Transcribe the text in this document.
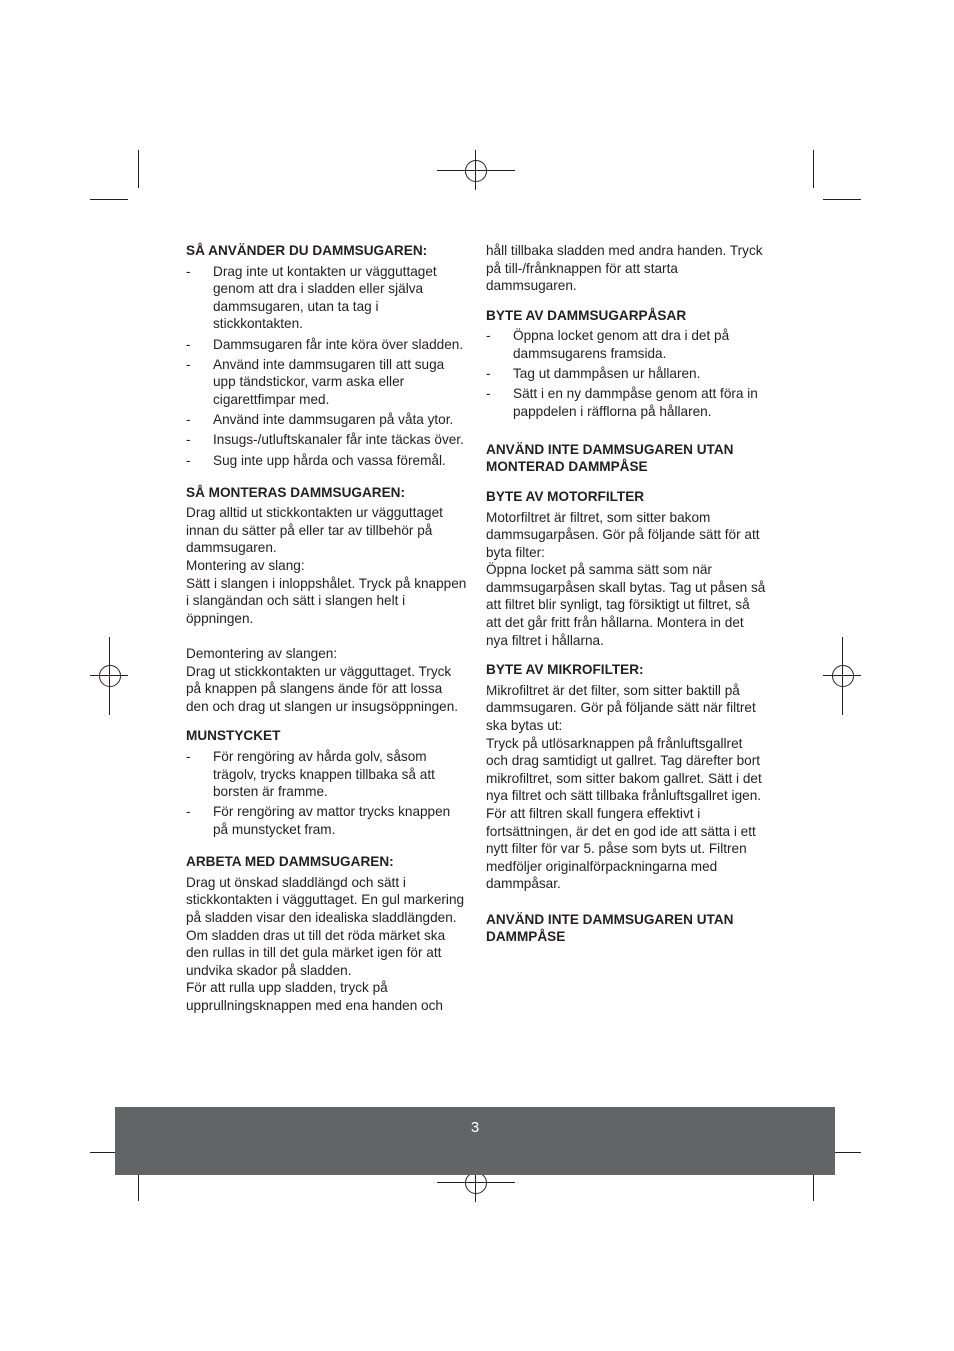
SÅ ANVÄNDER DU DAMMSUGAREN:
- Drag inte ut kontakten ur vägguttaget genom att dra i sladden eller själva dammsugaren, utan ta tag i stickkontakten.
- Dammsugaren får inte köra över sladden.
- Använd inte dammsugaren till att suga upp tändstickor, varm aska eller cigarettfimpar med.
- Använd inte dammsugaren på våta ytor.
- Insugs-/utluftskanaler får inte täckas över.
- Sug inte upp hårda och vassa föremål.
SÅ MONTERAS DAMMSUGAREN:

Drag alltid ut stickkontakten ur vägguttaget innan du sätter på eller tar av tillbehör på dammsugaren.

Montering av slang:

Sätt i slangen i inloppshålet. Tryck på knappen i slangändan och sätt i slangen helt i öppningen.

Demontering av slangen:

Drag ut stickkontakten ur vägguttaget. Tryck på knappen på slangens ände för att lossa den och drag ut slangen ur insugsöppningen.

MUNSTYCKET
- För rengöring av hårda golv, såsom trägolv, trycks knappen tillbaka så att borsten är framme.
- För rengöring av mattor trycks knappen på munstycket fram.
ARBETA MED DAMMSUGAREN:

Drag ut önskad sladdlängd och sätt i stickkontakten i vägguttaget. En gul markering på sladden visar den idealiska sladdlängden. Om sladden dras ut till det röda märket ska den rullas in till det gula märket igen för att undvika skador på sladden.

För att rulla upp sladden, tryck på upprullningsknappen med ena handen och

håll tillbaka sladden med andra handen. Tryck på till-/frånknappen för att starta dammsugaren.

BYTE AV DAMMSUGARPÅSAR
- Öppna locket genom att dra i det på dammsugarens framsida.
- Tag ut dammpåsen ur hållaren.
- Sätt i en ny dammpåse genom att föra in pappdelen i räfflorna på hållaren.
ANVÄND INTE DAMMSUGAREN UTAN MONTERAD DAMMPÅSE
BYTE AV MOTORFILTER

Motorfiltret är filtret, som sitter bakom dammsugarpåsen. Gör på följande sätt för att byta filter:

Öppna locket på samma sätt som när dammsugarpåsen skall bytas. Tag ut påsen så att filtret blir synligt, tag försiktigt ut filtret, så att det går fritt från hållarna. Montera in det nya filtret i hållarna.

BYTE AV MIKROFILTER:

Mikrofiltret är det filter, som sitter baktill på dammsugaren. Gör på följande sätt när filtret ska bytas ut:

Tryck på utlösarknappen på frånluftsgallret och drag samtidigt ut gallret. Tag därefter bort mikrofiltret, som sitter bakom gallret. Sätt i det nya filtret och sätt tillbaka frånluftsgallret igen.

För att filtren skall fungera effektivt i fortsättningen, är det en god ide att sätta i ett nytt filter för var 5. påse som byts ut. Filtren medföljer originalförpackningarna med dammpåsar.

ANVÄND INTE DAMMSUGAREN UTAN DAMMPÅSE
3
